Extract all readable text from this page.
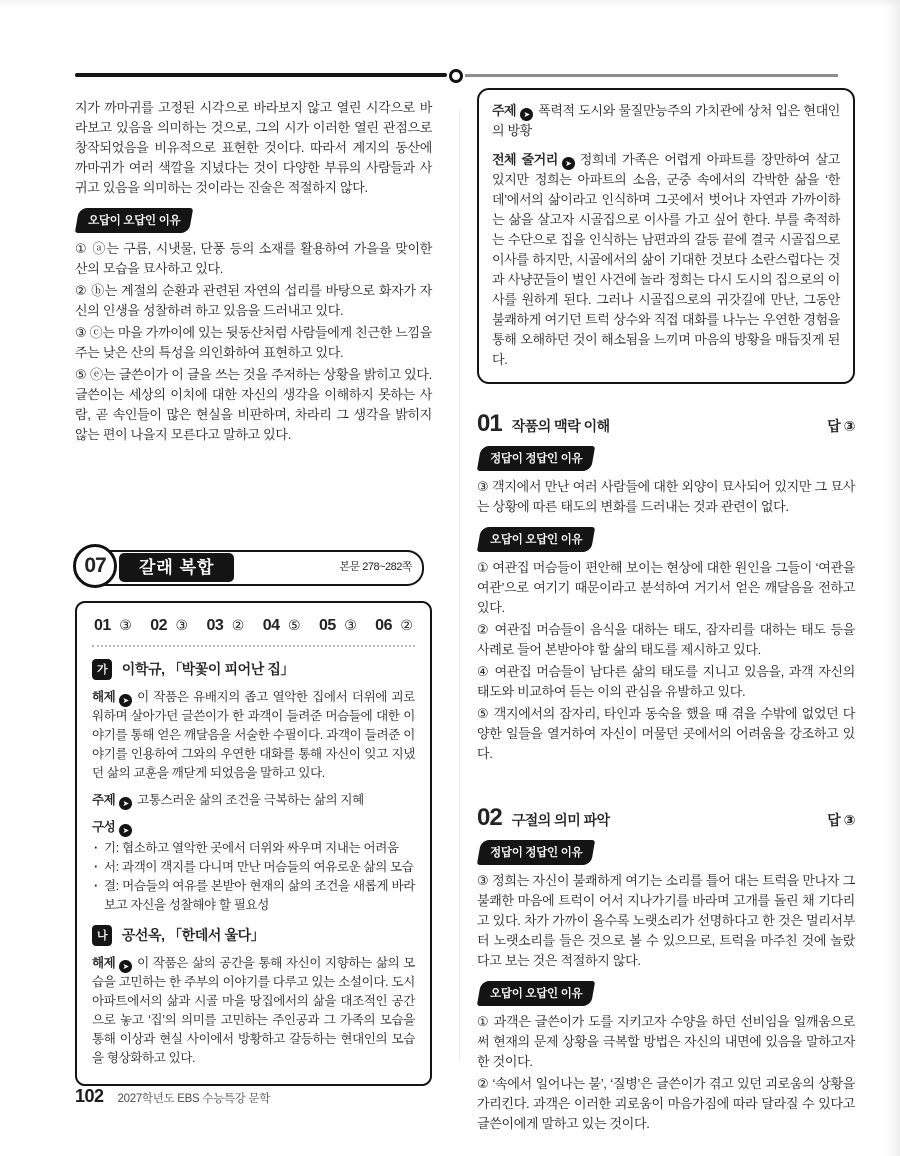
지가 까마귀를 고정된 시각으로 바라보지 않고 열린 시각으로 바라보고 있음을 의미하는 것으로, 그의 시가 이러한 열린 관점으로 창작되었음을 비유적으로 표현한 것이다. 따라서 계지의 동산에 까마귀가 여러 색깔을 지녔다는 것이 다양한 부류의 사람들과 사귀고 있음을 의미하는 것이라는 진술은 적절하지 않다.

오답이 오답인 이유

① ⓐ는 구름, 시냇물, 단풍 등의 소재를 활용하여 가을을 맞이한 산의 모습을 묘사하고 있다.

② ⓑ는 계절의 순환과 관련된 자연의 섭리를 바탕으로 화자가 자신의 인생을 성찰하려 하고 있음을 드러내고 있다.

③ ⓒ는 마을 가까이에 있는 뒷동산처럼 사람들에게 친근한 느낌을 주는 낮은 산의 특성을 의인화하여 표현하고 있다.

⑤ ⓔ는 글쓴이가 이 글을 쓰는 것을 주저하는 상황을 밝히고 있다. 글쓴이는 세상의 이치에 대한 자신의 생각을 이해하지 못하는 사람, 곧 속인들이 많은 현실을 비판하며, 차라리 그 생각을 밝히지 않는 편이 나을지 모른다고 말하고 있다.

갈래 복합
07	본문 278~282쪽
01 ③ 02 ③ 03 ② 04 ⑤ 05 ③ 06 ②
가 이학규, 「박꽃이 피어난 집」

해제 ➤ 이 작품은 유배지의 좁고 열악한 집에서 더위에 괴로워하며 살아가던 글쓴이가 한 과객이 들려준 머슴들에 대한 이야기를 통해 얻은 깨달음을 서술한 수필이다. 과객이 들려준 이야기를 인용하여 그와의 우연한 대화를 통해 자신이 잊고 지냈던 삶의 교훈을 깨닫게 되었음을 말하고 있다.

주제 ➤ 고통스러운 삶의 조건을 극복하는 삶의 지혜

구성➤

· 기: 협소하고 열악한 곳에서 더위와 싸우며 지내는 어려움
· 서: 과객이 객지를 다니며 만난 머슴들의 여유로운 삶의 모습
· 결: 머슴들의 여유를 본받아 현재의 삶의 조건을 새롭게 바라보고 자신을 성찰해야 할 필요성
나 공선옥, 「한데서 울다」

해제 ➤ 이 작품은 삶의 공간을 통해 자신이 지향하는 삶의 모습을 고민하는 한 주부의 이야기를 다루고 있는 소설이다. 도시 아파트에서의 삶과 시골 마을 땅집에서의 삶을 대조적인 공간으로 놓고 ‘집’의 의미를 고민하는 주인공과 그 가족의 모습을 통해 이상과 현실 사이에서 방황하고 갈등하는 현대인의 모습을 형상화하고 있다.

주제 ➤ 폭력적 도시와 물질만능주의 가치관에 상처 입은 현대인의 방황

전체 줄거리 ➤ 정희네 가족은 어렵게 아파트를 장만하여 살고 있지만 정희는 아파트의 소음, 군중 속에서의 각박한 삶을 ‘한데’에서의 삶이라고 인식하며 그곳에서 벗어나 자연과 가까이하는 삶을 살고자 시골집으로 이사를 가고 싶어 한다. 부를 축적하는 수단으로 집을 인식하는 남편과의 갈등 끝에 결국 시골집으로 이사를 하지만, 시골에서의 삶이 기대한 것보다 소란스럽다는 것과 사냥꾼들이 벌인 사건에 놀라 정희는 다시 도시의 집으로의 이사를 원하게 된다. 그러나 시골집으로의 귀갓길에 만난, 그동안 불쾌하게 여기던 트럭 상수와 직접 대화를 나누는 우연한 경험을 통해 오해하던 것이 해소됨을 느끼며 마음의 방황을 매듭짓게 된다.

01 작품의 맥락 이해	답 ③
정답이 정답인 이유

③ 객지에서 만난 여러 사람들에 대한 외양이 묘사되어 있지만 그 묘사는 상황에 따른 태도의 변화를 드러내는 것과 관련이 없다.

오답이 오답인 이유

① 여관집 머슴들이 편안해 보이는 현상에 대한 원인을 그들이 ‘여관을 여관’으로 여기기 때문이라고 분석하여 거기서 얻은 깨달음을 전하고 있다.

② 여관집 머슴들이 음식을 대하는 태도, 잠자리를 대하는 태도 등을 사례로 들어 본받아야 할 삶의 태도를 제시하고 있다.

④ 여관집 머슴들이 남다른 삶의 태도를 지니고 있음을, 과객 자신의 태도와 비교하여 듣는 이의 관심을 유발하고 있다.

⑤ 객지에서의 잠자리, 타인과 동숙을 했을 때 겪을 수밖에 없었던 다양한 일들을 열거하여 자신이 머물던 곳에서의 어려움을 강조하고 있다.

02 구절의 의미 파악	답 ③
정답이 정답인 이유

③ 정희는 자신이 불쾌하게 여기는 소리를 틀어 대는 트럭을 만나자 그 불쾌한 마음에 트럭이 어서 지나가기를 바라며 고개를 돌린 채 기다리고 있다. 차가 가까이 올수록 노랫소리가 선명하다고 한 것은 멀리서부터 노랫소리를 들은 것으로 볼 수 있으므로, 트럭을 마주친 것에 놀랐다고 보는 것은 적절하지 않다.

오답이 오답인 이유

① 과객은 글쓴이가 도를 지키고자 수양을 하던 선비임을 일깨움으로써 현재의 문제 상황을 극복할 방법은 자신의 내면에 있음을 말하고자 한 것이다.

② ‘속에서 일어나는 불’, ‘질병’은 글쓴이가 겪고 있던 괴로움의 상황을 가리킨다. 과객은 이러한 괴로움이 마음가짐에 따라 달라질 수 있다고 글쓴이에게 말하고 있는 것이다.

102 2027학년도 EBS 수능특강 문학
